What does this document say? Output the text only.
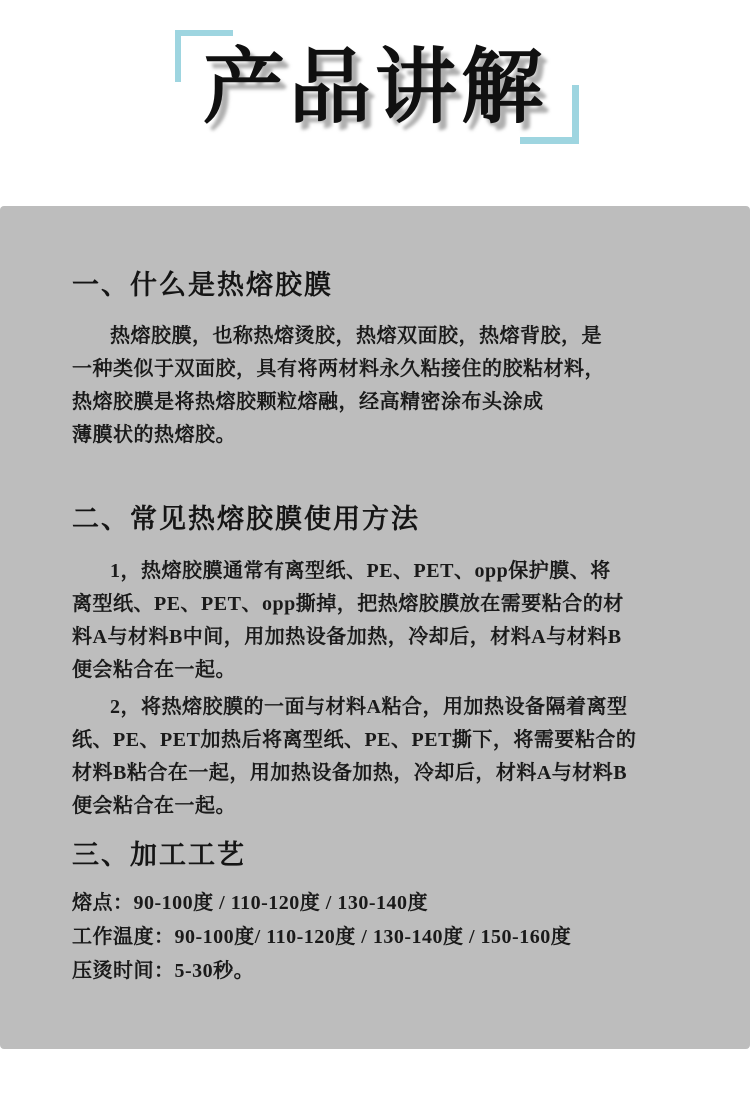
产品讲解
一、什么是热熔胶膜
热熔胶膜，也称热熔烫胶，热熔双面胶，热熔背胶，是
一种类似于双面胶，具有将两材料永久粘接住的胶粘材料，
热熔胶膜是将热熔胶颗粒熔融，经高精密涂布头涂成
薄膜状的热熔胶。
二、常见热熔胶膜使用方法
1，热熔胶膜通常有离型纸、PE、PET、opp保护膜、将
离型纸、PE、PET、opp撕掉，把热熔胶膜放在需要粘合的材
料A与材料B中间，用加热设备加热，冷却后，材料A与材料B
便会粘合在一起。
2，将热熔胶膜的一面与材料A粘合，用加热设备隔着离型
纸、PE、PET加热后将离型纸、PE、PET撕下，将需要粘合的
材料B粘合在一起，用加热设备加热，冷却后，材料A与材料B
便会粘合在一起。
三、加工工艺
熔点：90-100度 / 110-120度 / 130-140度
工作温度：90-100度/ 110-120度 / 130-140度 / 150-160度
压烫时间：5-30秒。
